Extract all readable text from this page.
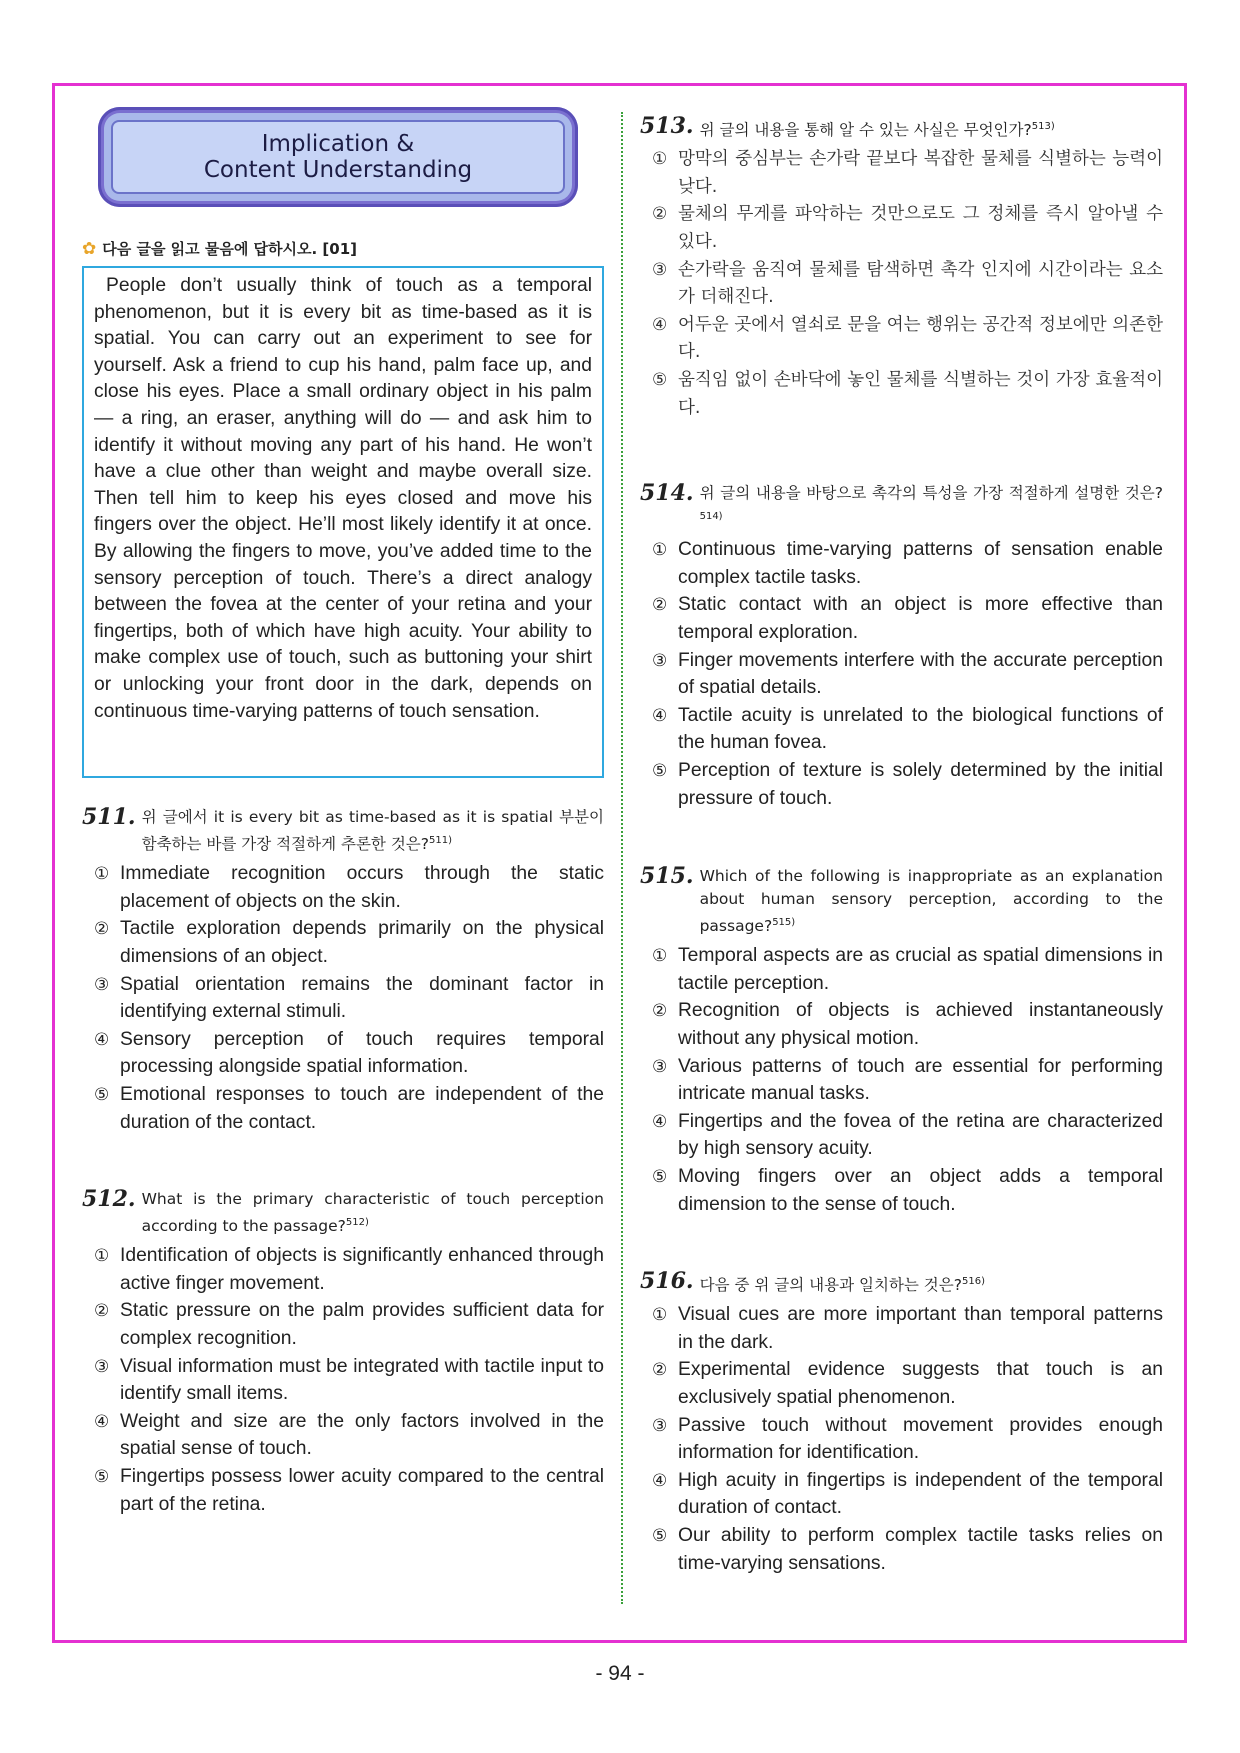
Implication &
Content Understanding
✿ 다음 글을 읽고 물음에 답하시오. [01]
People don’t usually think of touch as a temporal phenomenon, but it is every bit as time-based as it is spatial. You can carry out an experiment to see for yourself. Ask a friend to cup his hand, palm face up, and close his eyes. Place a small ordinary object in his palm — a ring, an eraser, anything will do — and ask him to identify it without moving any part of his hand. He won’t have a clue other than weight and maybe overall size. Then tell him to keep his eyes closed and move his fingers over the object. He’ll most likely identify it at once. By allowing the fingers to move, you’ve added time to the sensory perception of touch. There’s a direct analogy between the fovea at the center of your retina and your fingertips, both of which have high acuity. Your ability to make complex use of touch, such as buttoning your shirt or unlocking your front door in the dark, depends on continuous time-varying patterns of touch sensation.
511. 위 글에서 it is every bit as time-based as it is spatial 부분이 함축하는 바를 가장 적절하게 추론한 것은?$^{511)}$
① Immediate recognition occurs through the static placement of objects on the skin.
② Tactile exploration depends primarily on the physical dimensions of an object.
③ Spatial orientation remains the dominant factor in identifying external stimuli.
④ Sensory perception of touch requires temporal processing alongside spatial information.
⑤ Emotional responses to touch are independent of the duration of the contact.
512. What is the primary characteristic of touch perception according to the passage?$^{512)}$
① Identification of objects is significantly enhanced through active finger movement.
② Static pressure on the palm provides sufficient data for complex recognition.
③ Visual information must be integrated with tactile input to identify small items.
④ Weight and size are the only factors involved in the spatial sense of touch.
⑤ Fingertips possess lower acuity compared to the central part of the retina.
513. 위 글의 내용을 통해 알 수 있는 사실은 무엇인가?$^{513)}$
① 망막의 중심부는 손가락 끝보다 복잡한 물체를 식별하는 능력이 낮다.
② 물체의 무게를 파악하는 것만으로도 그 정체를 즉시 알아낼 수 있다.
③ 손가락을 움직여 물체를 탐색하면 촉각 인지에 시간이라는 요소가 더해진다.
④ 어두운 곳에서 열쇠로 문을 여는 행위는 공간적 정보에만 의존한다.
⑤ 움직임 없이 손바닥에 놓인 물체를 식별하는 것이 가장 효율적이다.
514. 위 글의 내용을 바탕으로 촉각의 특성을 가장 적절하게 설명한 것은?$^{514)}$
① Continuous time-varying patterns of sensation enable complex tactile tasks.
② Static contact with an object is more effective than temporal exploration.
③ Finger movements interfere with the accurate perception of spatial details.
④ Tactile acuity is unrelated to the biological functions of the human fovea.
⑤ Perception of texture is solely determined by the initial pressure of touch.
515. Which of the following is inappropriate as an explanation about human sensory perception, according to the passage?$^{515)}$
① Temporal aspects are as crucial as spatial dimensions in tactile perception.
② Recognition of objects is achieved instantaneously without any physical motion.
③ Various patterns of touch are essential for performing intricate manual tasks.
④ Fingertips and the fovea of the retina are characterized by high sensory acuity.
⑤ Moving fingers over an object adds a temporal dimension to the sense of touch.
516. 다음 중 위 글의 내용과 일치하는 것은?$^{516)}$
① Visual cues are more important than temporal patterns in the dark.
② Experimental evidence suggests that touch is an exclusively spatial phenomenon.
③ Passive touch without movement provides enough information for identification.
④ High acuity in fingertips is independent of the temporal duration of contact.
⑤ Our ability to perform complex tactile tasks relies on time-varying sensations.
- 94 -
